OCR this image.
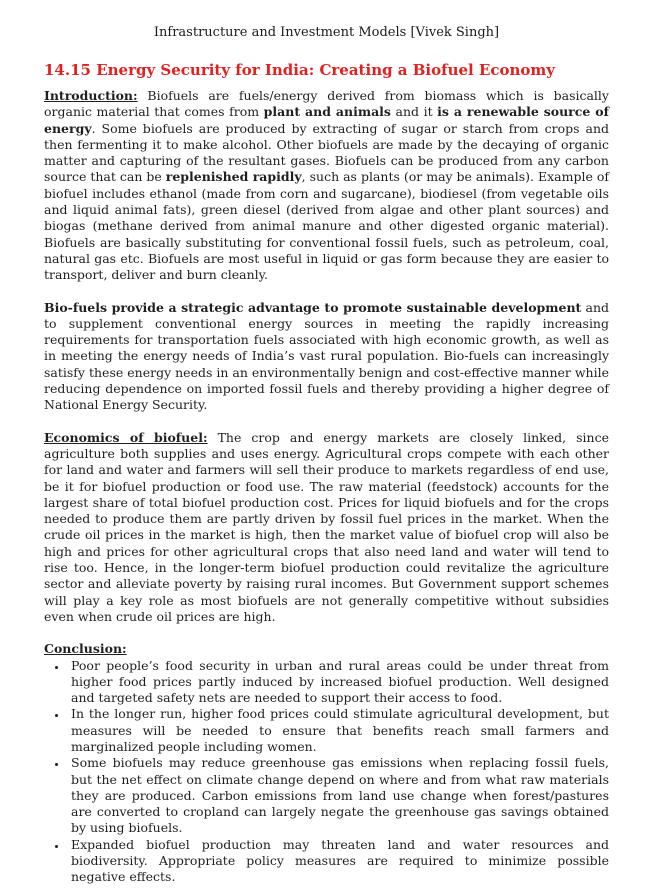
Infrastructure and Investment Models [Vivek Singh]
14.15 Energy Security for India: Creating a Biofuel Economy

Introduction: Biofuels are fuels/energy derived from biomass which is basically organic material that comes from plant and animals and it is a renewable source of energy. Some biofuels are produced by extracting of sugar or starch from crops and then fermenting it to make alcohol. Other biofuels are made by the decaying of organic matter and capturing of the resultant gases. Biofuels can be produced from any carbon source that can be replenished rapidly, such as plants (or may be animals). Example of biofuel includes ethanol (made from corn and sugarcane), biodiesel (from vegetable oils and liquid animal fats), green diesel (derived from algae and other plant sources) and biogas (methane derived from animal manure and other digested organic material). Biofuels are basically substituting for conventional fossil fuels, such as petroleum, coal, natural gas etc. Biofuels are most useful in liquid or gas form because they are easier to transport, deliver and burn cleanly.

Bio-fuels provide a strategic advantage to promote sustainable development and to supplement conventional energy sources in meeting the rapidly increasing requirements for transportation fuels associated with high economic growth, as well as in meeting the energy needs of India’s vast rural population. Bio-fuels can increasingly satisfy these energy needs in an environmentally benign and cost-effective manner while reducing dependence on imported fossil fuels and thereby providing a higher degree of National Energy Security.

Economics of biofuel: The crop and energy markets are closely linked, since agriculture both supplies and uses energy. Agricultural crops compete with each other for land and water and farmers will sell their produce to markets regardless of end use, be it for biofuel production or food use. The raw material (feedstock) accounts for the largest share of total biofuel production cost. Prices for liquid biofuels and for the crops needed to produce them are partly driven by fossil fuel prices in the market. When the crude oil prices in the market is high, then the market value of biofuel crop will also be high and prices for other agricultural crops that also need land and water will tend to rise too. Hence, in the longer-term biofuel production could revitalize the agriculture sector and alleviate poverty by raising rural incomes. But Government support schemes will play a key role as most biofuels are not generally competitive without subsidies even when crude oil prices are high.

Conclusion:
• Poor people’s food security in urban and rural areas could be under threat from higher food prices partly induced by increased biofuel production. Well designed and targeted safety nets are needed to support their access to food.
• In the longer run, higher food prices could stimulate agricultural development, but measures will be needed to ensure that benefits reach small farmers and marginalized people including women.
• Some biofuels may reduce greenhouse gas emissions when replacing fossil fuels, but the net effect on climate change depend on where and from what raw materials they are produced. Carbon emissions from land use change when forest/pastures are converted to cropland can largely negate the greenhouse gas savings obtained by using biofuels.
• Expanded biofuel production may threaten land and water resources and biodiversity. Appropriate policy measures are required to minimize possible negative effects.
